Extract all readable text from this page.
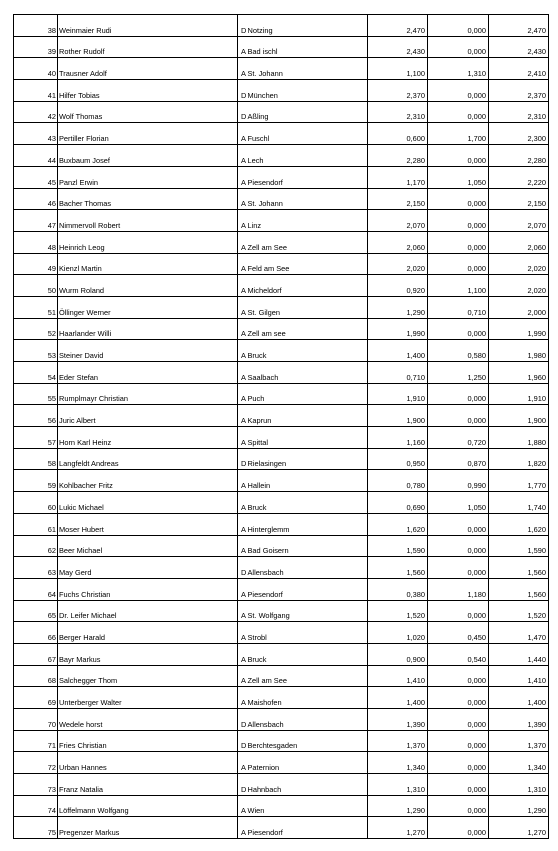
38	Weinmaier Rudi	D	Notzing	2,470	0,000	2,470
39	Rother Rudolf	A	Bad ischl	2,430	0,000	2,430
40	Trausner Adolf	A	St. Johann	1,100	1,310	2,410
41	Hilfer Tobias	D	München	2,370	0,000	2,370
42	Wolf Thomas	D	Aßling	2,310	0,000	2,310
43	Pertiller Florian	A	Fuschl	0,600	1,700	2,300
44	Buxbaum Josef	A	Lech	2,280	0,000	2,280
45	Panzl Erwin	A	Piesendorf	1,170	1,050	2,220
46	Bacher Thomas	A	St. Johann	2,150	0,000	2,150
47	Nimmervoll Robert	A	Linz	2,070	0,000	2,070
48	Heinrich Leog	A	Zell am See	2,060	0,000	2,060
49	Kienzl Martin	A	Feld am See	2,020	0,000	2,020
50	Wurm Roland	A	Micheldorf	0,920	1,100	2,020
51	Öllinger Werner	A	St. Gilgen	1,290	0,710	2,000
52	Haarlander Willi	A	Zell am see	1,990	0,000	1,990
53	Steiner David	A	Bruck	1,400	0,580	1,980
54	Eder Stefan	A	Saalbach	0,710	1,250	1,960
55	Rumplmayr Christian	A	Puch	1,910	0,000	1,910
56	Juric Albert	A	Kaprun	1,900	0,000	1,900
57	Horn Karl Heinz	A	Spittal	1,160	0,720	1,880
58	Langfeldt Andreas	D	Rielasingen	0,950	0,870	1,820
59	Kohlbacher Fritz	A	Hallein	0,780	0,990	1,770
60	Lukic Michael	A	Bruck	0,690	1,050	1,740
61	Moser Hubert	A	Hinterglemm	1,620	0,000	1,620
62	Beer Michael	A	Bad Goisern	1,590	0,000	1,590
63	May Gerd	D	Allensbach	1,560	0,000	1,560
64	Fuchs Christian	A	Piesendorf	0,380	1,180	1,560
65	Dr. Leifer Michael	A	St. Wolfgang	1,520	0,000	1,520
66	Berger Harald	A	Strobl	1,020	0,450	1,470
67	Bayr Markus	A	Bruck	0,900	0,540	1,440
68	Salchegger Thom	A	Zell am See	1,410	0,000	1,410
69	Unterberger Walter	A	Maishofen	1,400	0,000	1,400
70	Wedele horst	D	Allensbach	1,390	0,000	1,390
71	Fries Christian	D	Berchtesgaden	1,370	0,000	1,370
72	Urban Hannes	A	Paternion	1,340	0,000	1,340
73	Franz Natalia	D	Hahnbach	1,310	0,000	1,310
74	Löffelmann Wolfgang	A	Wien	1,290	0,000	1,290
75	Pregenzer Markus	A	Piesendorf	1,270	0,000	1,270
